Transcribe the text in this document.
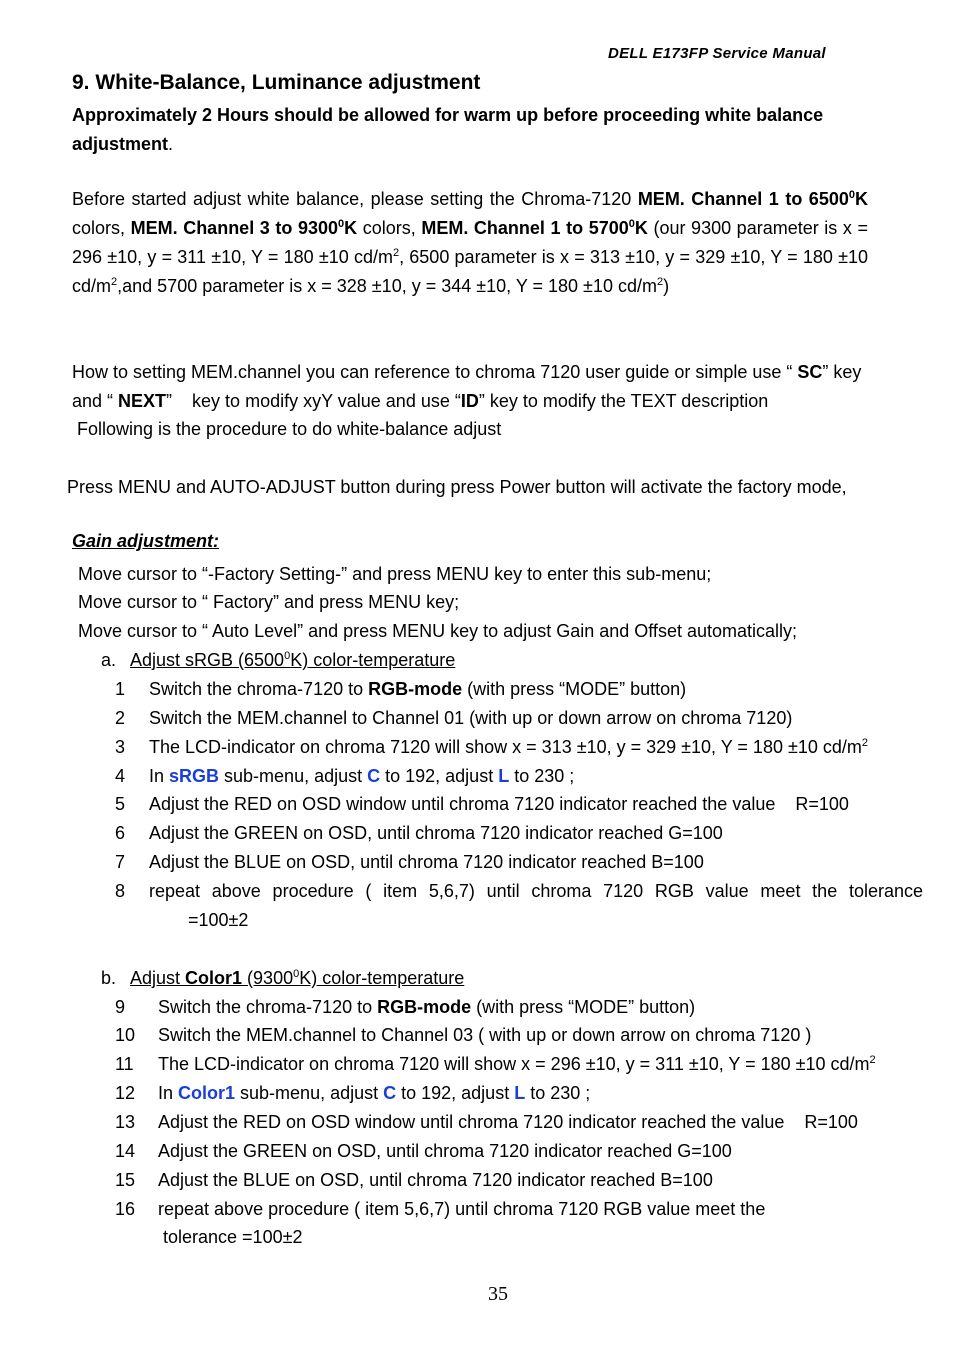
DELL E173FP Service Manual
9. White-Balance, Luminance adjustment
Approximately 2 Hours should be allowed for warm up before proceeding white balance adjustment.
Before started adjust white balance, please setting the Chroma-7120 MEM. Channel 1 to 6500$^0$K colors, MEM. Channel 3 to 9300$^0$K colors, MEM. Channel 1 to 5700$^0$K (our 9300 parameter is x = 296 ±10, y = 311 ±10, Y = 180 ±10 $cd/m^2$, 6500 parameter is x = 313 ±10, y = 329 ±10, Y = 180 ±10 $cd/m^2,and$ 5700 parameter is x = 328 ±10, y = 344 ±10, Y = 180 ±10 $cd/m^2$)
How to setting MEM.channel you can reference to chroma 7120 user guide or simple use “ SC” key
and “ NEXT”    key to modify xyY value and use “ID” key to modify the TEXT description
Following is the procedure to do white-balance adjust
Press MENU and AUTO-ADJUST button during press Power button will activate the factory mode,
Gain adjustment:
Move cursor to “-Factory Setting-” and press MENU key to enter this sub-menu;
Move cursor to “ Factory” and press MENU key;
Move cursor to “ Auto Level” and press MENU key to adjust Gain and Offset automatically;
a. Adjust sRGB (6500$^0$K) color-temperature
1 Switch the chroma-7120 to RGB-mode (with press “MODE” button)
2 Switch the MEM.channel to Channel 01 (with up or down arrow on chroma 7120)
3 The LCD-indicator on chroma 7120 will show x = 313 ±10, y = 329 ±10, Y = 180 ±10 $cd/m^2$
4 In sRGB sub-menu, adjust C to 192, adjust L to 230 ;
5 Adjust the RED on OSD window until chroma 7120 indicator reached the value    R=100
6 Adjust the GREEN on OSD, until chroma 7120 indicator reached G=100
7 Adjust the BLUE on OSD, until chroma 7120 indicator reached B=100
8 repeat above procedure ( item 5,6,7) until chroma 7120 RGB value meet the tolerance
=100±2
b. Adjust Color1 (9300$^0$K) color-temperature
9 Switch the chroma-7120 to RGB-mode (with press “MODE” button)
10 Switch the MEM.channel to Channel 03 ( with up or down arrow on chroma 7120 )
11 The LCD-indicator on chroma 7120 will show x = 296 ±10, y = 311 ±10, Y = 180 ±10 $cd/m^2$
12 In Color1 sub-menu, adjust C to 192, adjust L to 230 ;
13 Adjust the RED on OSD window until chroma 7120 indicator reached the value    R=100
14 Adjust the GREEN on OSD, until chroma 7120 indicator reached G=100
15 Adjust the BLUE on OSD, until chroma 7120 indicator reached B=100
16 repeat above procedure ( item 5,6,7) until chroma 7120 RGB value meet the
tolerance =100±2
35
